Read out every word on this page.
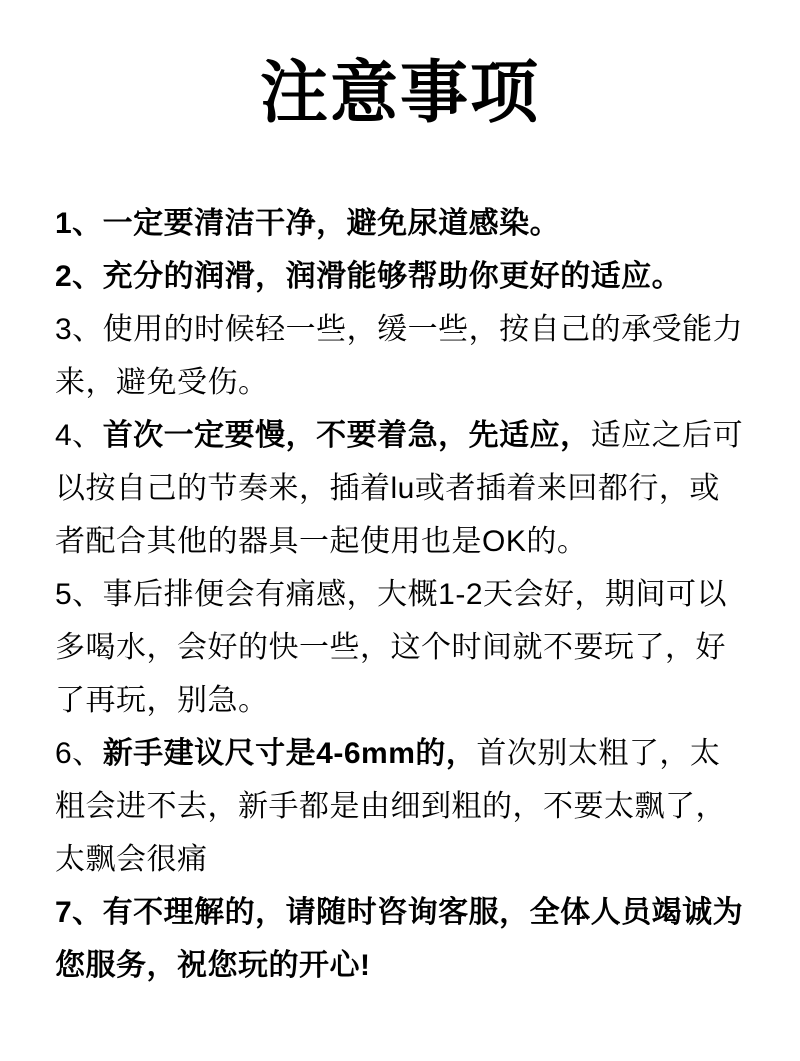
注意事项

1、一定要清洁干净，避免尿道感染。

2、充分的润滑，润滑能够帮助你更好的适应。

3、使用的时候轻一些，缓一些，按自己的承受能力来，避免受伤。

4、首次一定要慢，不要着急，先适应，适应之后可以按自己的节奏来，插着lu或者插着来回都行，或者配合其他的器具一起使用也是OK的。

5、事后排便会有痛感，大概1-2天会好，期间可以多喝水，会好的快一些，这个时间就不要玩了，好了再玩，别急。

6、新手建议尺寸是4-6mm的，首次别太粗了，太粗会进不去，新手都是由细到粗的，不要太飘了，太飘会很痛

7、有不理解的，请随时咨询客服，全体人员竭诚为您服务，祝您玩的开心!
